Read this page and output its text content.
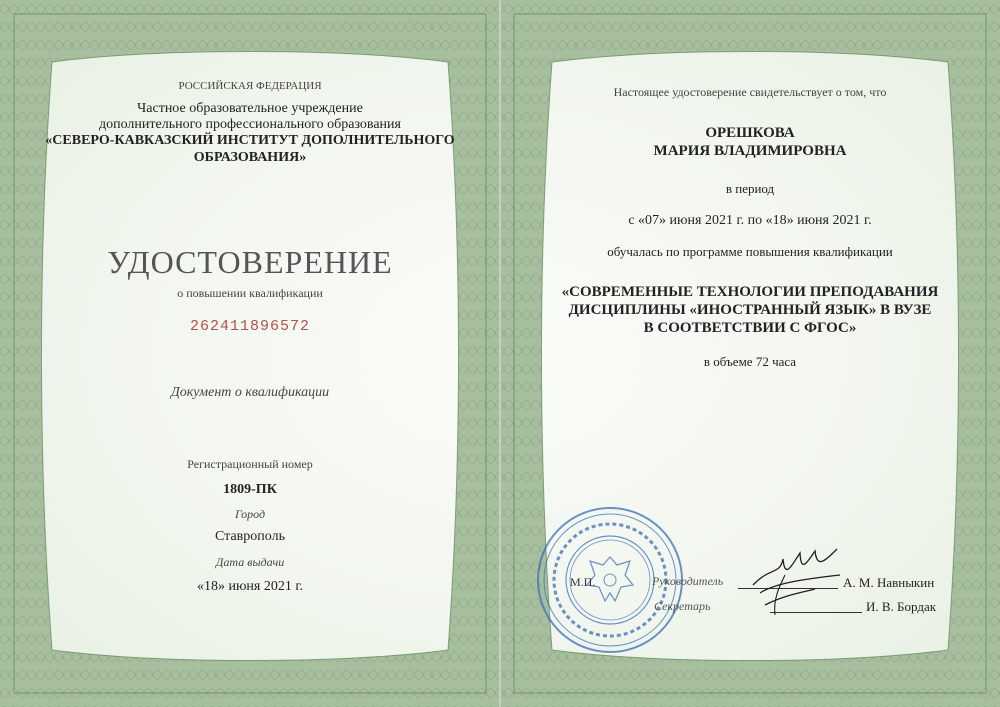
РОССИЙСКАЯ ФЕДЕРАЦИЯ
Частное образовательное учреждение
дополнительного профессионального образования
«СЕВЕРО-КАВКАЗСКИЙ ИНСТИТУТ ДОПОЛНИТЕЛЬНОГО
ОБРАЗОВАНИЯ»
УДОСТОВЕРЕНИЕ
о повышении квалификации
262411896572
Документ о квалификации
Регистрационный номер
1809-ПК
Город
Ставрополь
Дата выдачи
«18» июня 2021 г.
Настоящее удостоверение свидетельствует о том, что
ОРЕШКОВА
МАРИЯ ВЛАДИМИРОВНА
в период
с «07» июня 2021 г. по «18» июня 2021 г.
обучалась по программе повышения квалификации
«СОВРЕМЕННЫЕ ТЕХНОЛОГИИ ПРЕПОДАВАНИЯ
ДИСЦИПЛИНЫ «ИНОСТРАННЫЙ ЯЗЫК» В ВУЗЕ
В СООТВЕТСТВИИ С ФГОС»
в объеме 72 часа
М.П.	Руководитель	А. М. Навныкин
Секретарь	И. В. Бордак
